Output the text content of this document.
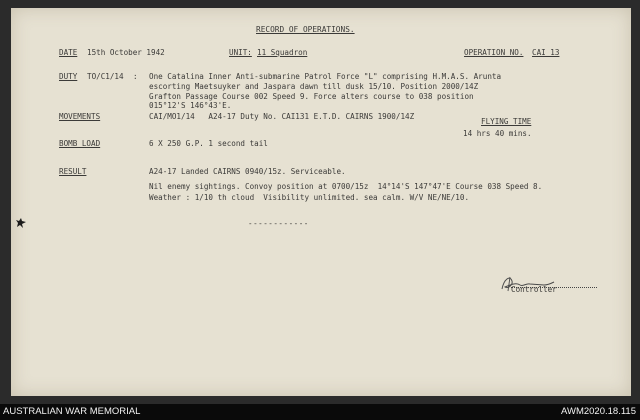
RECORD OF OPERATIONS.
DATE 15th October 1942	UNIT: 11 Squadron	OPERATION NO. CAI 13
DUTY TO/C1/14 : One Catalina Inner Anti-submarine Patrol Force "L" comprising H.M.A.S. Arunta
escorting Maetsuyker and Jaspara dawn till dusk 15/10. Position 2000/14Z
Grafton Passage Course 002 Speed 9. Force alters course to 038 position
015°12'S 146°43'E.
MOVEMENTS	CAI/MO1/14   A24-17 Duty No. CAI131 E.T.D. CAIRNS 1900/14Z
FLYING TIME
14 hrs 40 mins.
BOMB LOAD	6 X 250 G.P. 1 second tail
RESULT	A24-17 Landed CAIRNS 0940/15z. Serviceable.
Nil enemy sightings. Convoy position at 0700/15z  14°14'S 147°47'E Course 038 Speed 8.
Weather : 1/10 th cloud  Visibility unlimited. sea calm. W/V NE/NE/10.
------------
Controller
AUSTRALIAN WAR MEMORIAL	AWM2020.18.115
